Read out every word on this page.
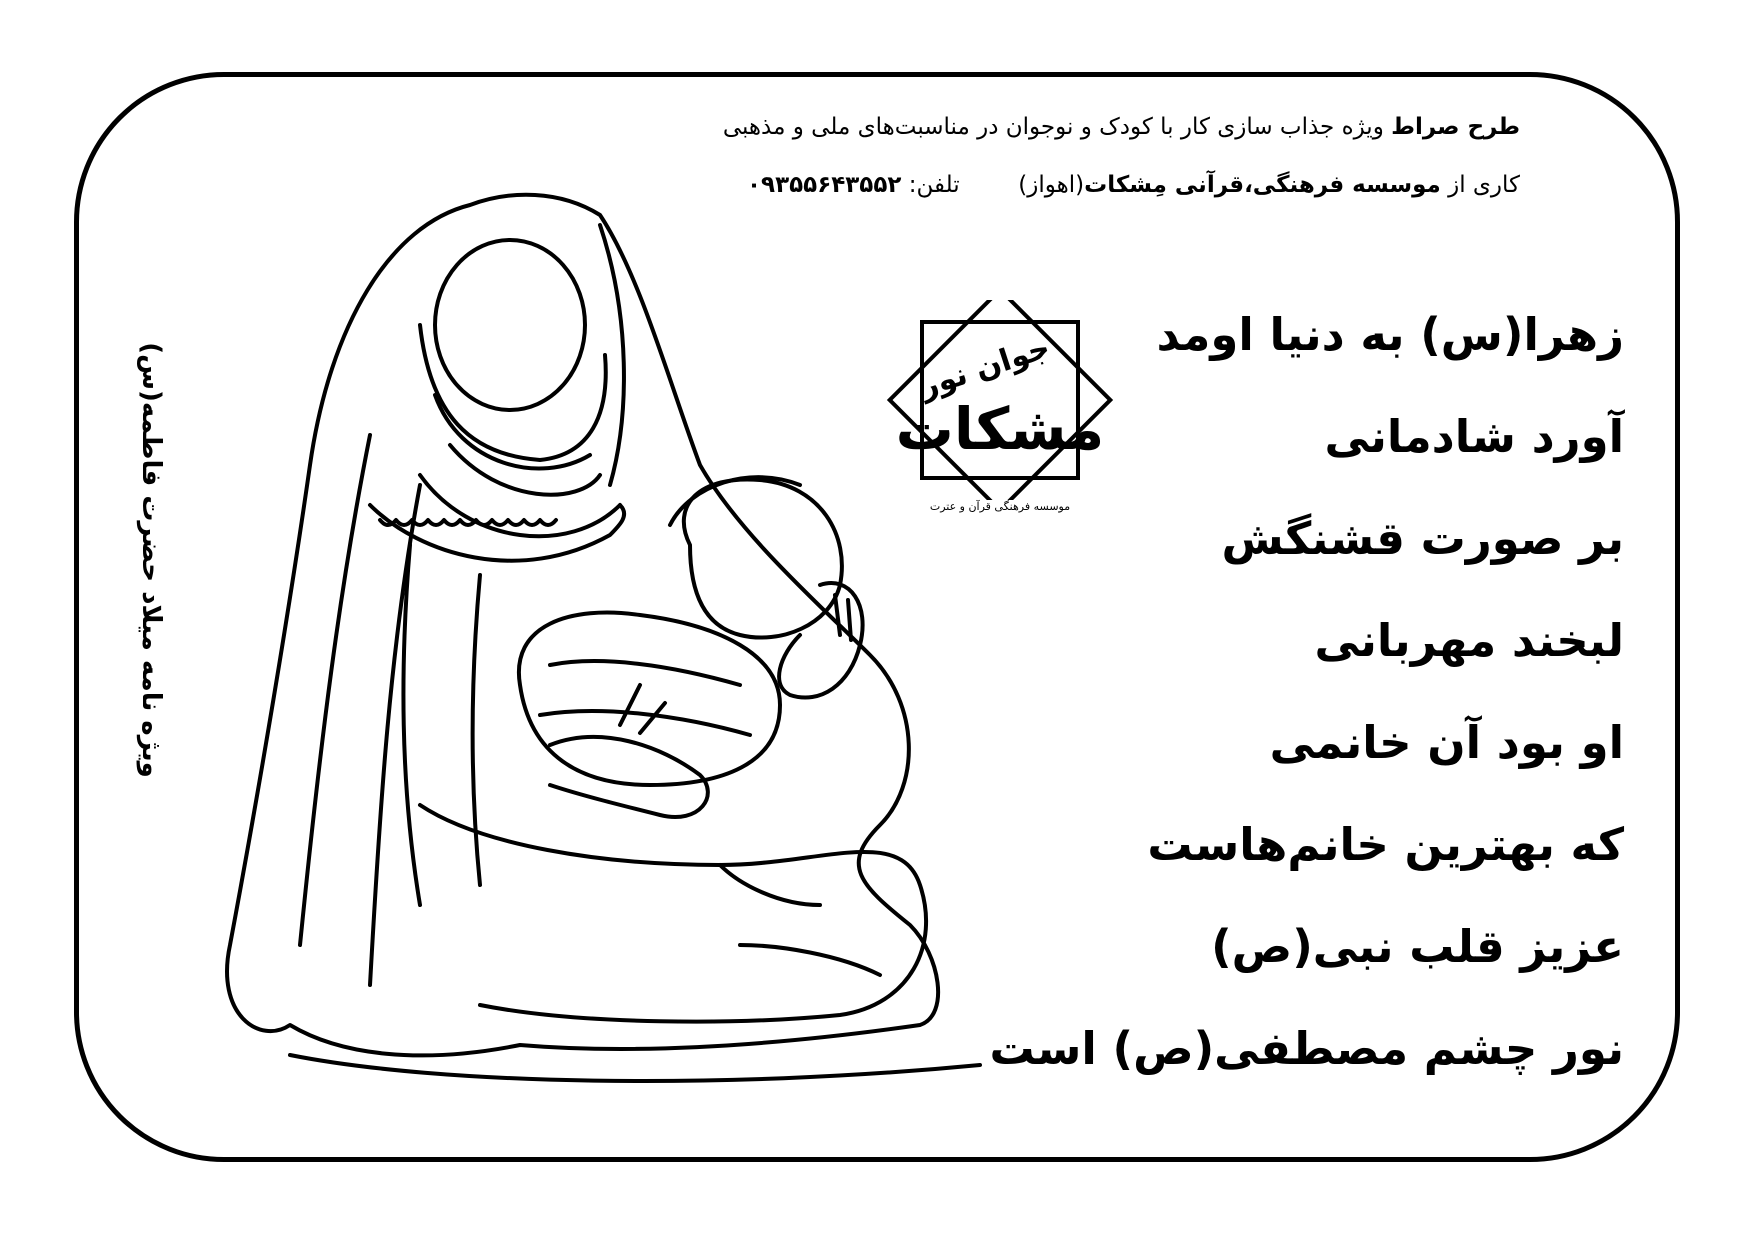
طرح صراط ویژه جذاب سازی کار با کودک و نوجوان در مناسبت‌های ملی و مذهبی
کاری از موسسه فرهنگی،قرآنی مِشکات(اهواز)  تلفن: ۰۹۳۵۵۶۴۳۵۵۲
ویژه نامه میلاد حضرت فاطمه(س)	جوان نور
مشکات
موسسه فرهنگی قرآن و عترت
زهرا(س) به دنیا اومد
آورد شادمانی
بر صورت قشنگش
لبخند مهربانی
او بود آن خانمی
که بهترین خانم‌هاست
عزیز قلب نبی(ص)
نور چشم مصطفی(ص) است
